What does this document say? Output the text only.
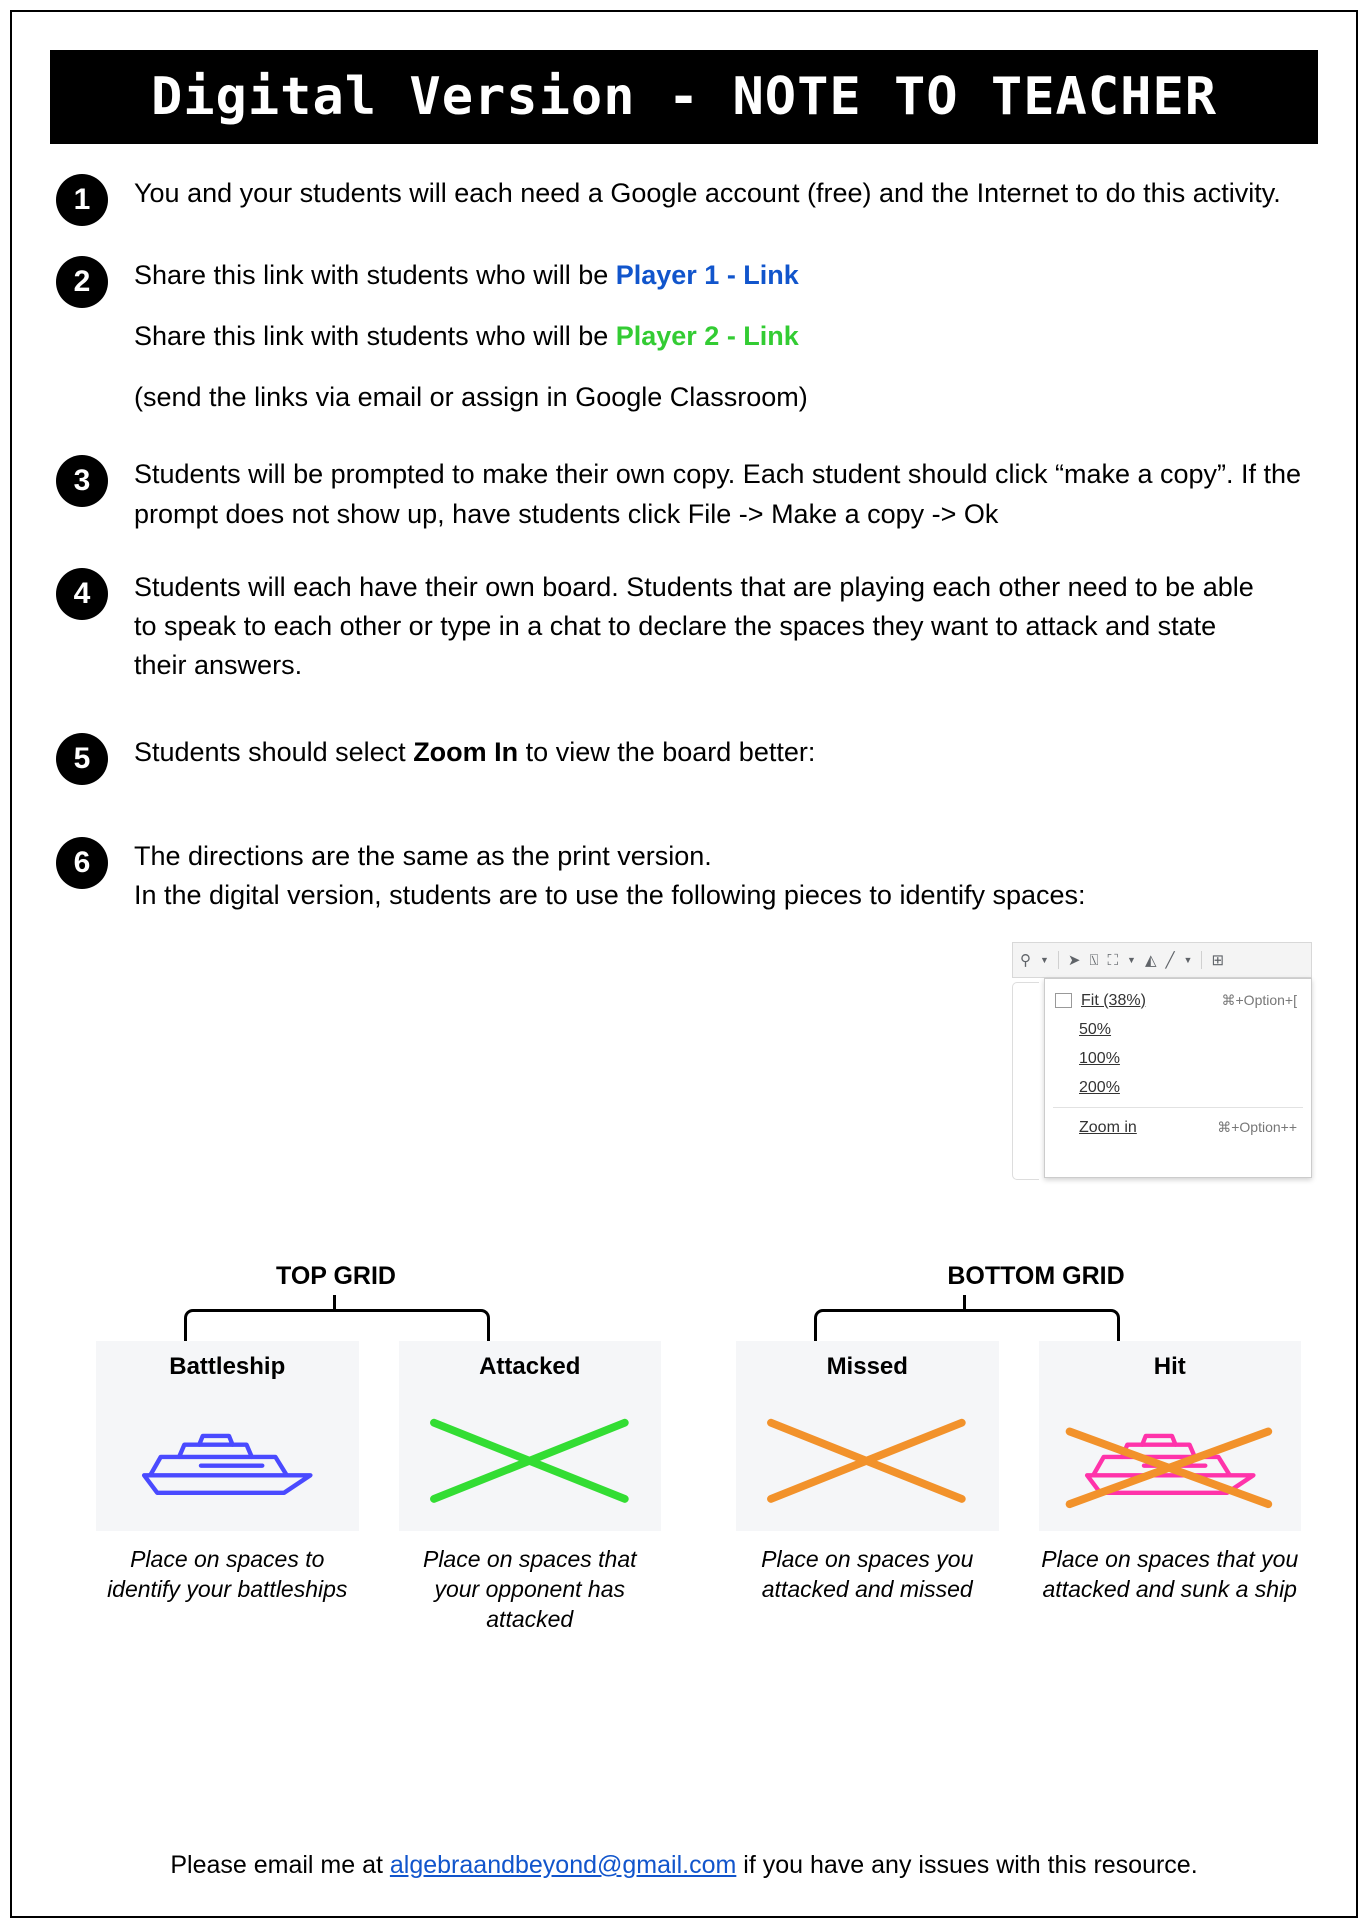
Digital Version - NOTE TO TEACHER
1	You and your students will each need a Google account (free) and the Internet to do this activity.

2	Share this link with students who will be Player 1 - Link

Share this link with students who will be Player 2 - Link

(send the links via email or assign in Google Classroom)

3	Students will be prompted to make their own copy. Each student should click “make a copy”. If the prompt does not show up, have students click File -> Make a copy -> Ok

4	Students will each have their own board. Students that are playing each other need to be able to speak to each other or type in a chat to declare the spaces they want to attack and state their answers.

5	Students should select Zoom In to view the board better:

6	The directions are the same as the print version.

In the digital version, students are to use the following pieces to identify spaces:

⚲ ▼ ➤ ⍂ ⛶ ▼ ◭ ╱ ▼ ⊞
Fit (38%)	⌘+Option+[
50%
100%
200%
Zoom in	⌘+Option++
TOP GRID	BOTTOM GRID
Battleship
Place on spaces to identify your battleships
Attacked
Place on spaces that your opponent has attacked
Missed
Place on spaces you attacked and missed
Hit
Place on spaces that you attacked and sunk a ship
Please email me at algebraandbeyond@gmail.com if you have any issues with this resource.
